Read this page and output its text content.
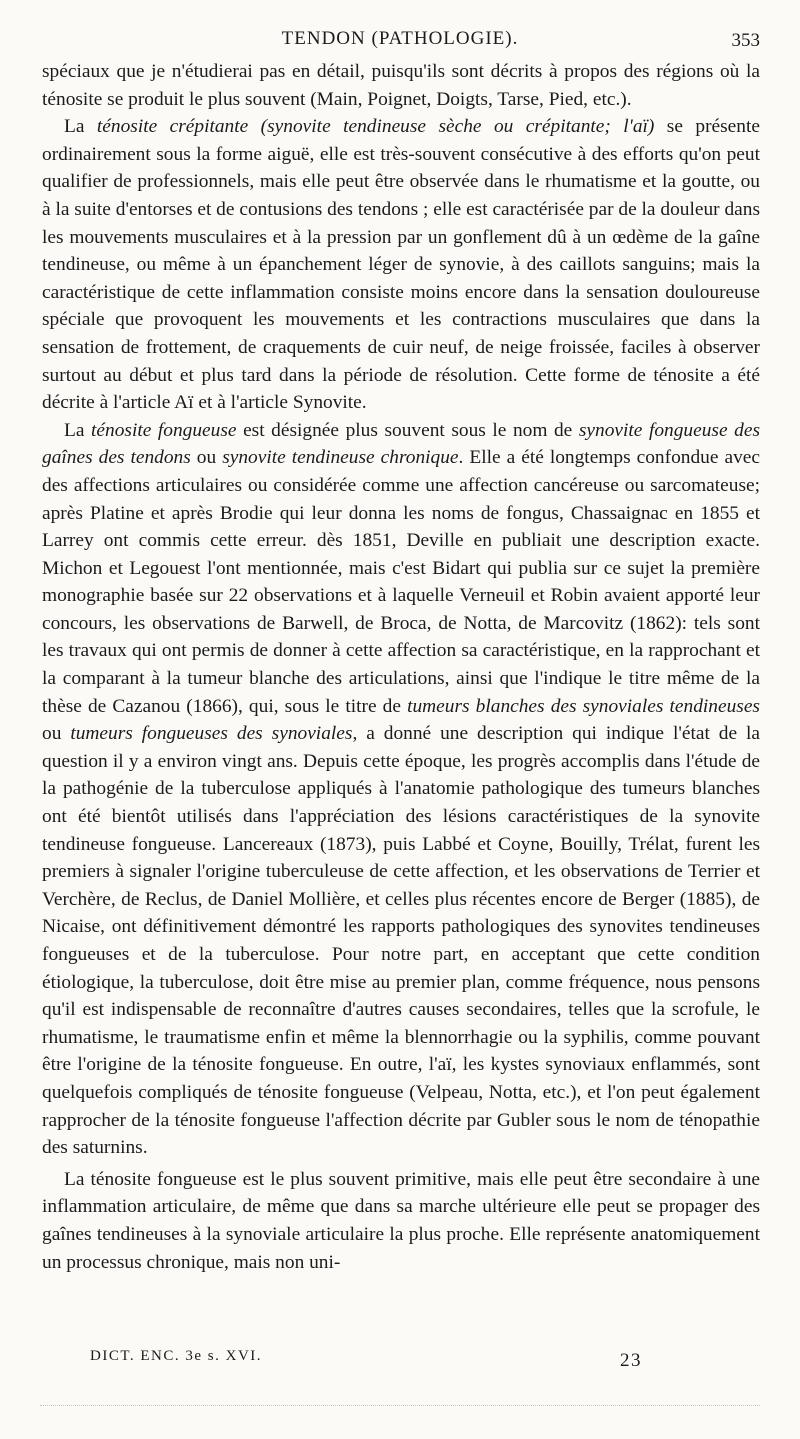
TENDON (PATHOLOGIE).	353

spéciaux que je n'étudierai pas en détail, puisqu'ils sont décrits à propos des régions où la ténosite se produit le plus souvent (Main, Poignet, Doigts, Tarse, Pied, etc.).

La ténosite crépitante (synovite tendineuse sèche ou crépitante; l'aï) se présente ordinairement sous la forme aiguë, elle est très-souvent consécutive à des efforts qu'on peut qualifier de professionnels, mais elle peut être observée dans le rhumatisme et la goutte, ou à la suite d'entorses et de contusions des tendons ; elle est caractérisée par de la douleur dans les mouvements musculaires et à la pression par un gonflement dû à un œdème de la gaîne tendineuse, ou même à un épanchement léger de synovie, à des caillots sanguins; mais la caractéristique de cette inflammation consiste moins encore dans la sensation douloureuse spéciale que provoquent les mouvements et les contractions musculaires que dans la sensation de frottement, de craquements de cuir neuf, de neige froissée, faciles à observer surtout au début et plus tard dans la période de résolution. Cette forme de ténosite a été décrite à l'article Aï et à l'article Synovite.

La ténosite fongueuse est désignée plus souvent sous le nom de synovite fongueuse des gaînes des tendons ou synovite tendineuse chronique. Elle a été longtemps confondue avec des affections articulaires ou considérée comme une affection cancéreuse ou sarcomateuse; après Platine et après Brodie qui leur donna les noms de fongus, Chassaignac en 1855 et Larrey ont commis cette erreur. dès 1851, Deville en publiait une description exacte. Michon et Legouest l'ont mentionnée, mais c'est Bidart qui publia sur ce sujet la première monographie basée sur 22 observations et à laquelle Verneuil et Robin avaient apporté leur concours, les observations de Barwell, de Broca, de Notta, de Marcovitz (1862): tels sont les travaux qui ont permis de donner à cette affection sa caractéristique, en la rapprochant et la comparant à la tumeur blanche des articulations, ainsi que l'indique le titre même de la thèse de Cazanou (1866), qui, sous le titre de tumeurs blanches des synoviales tendineuses ou tumeurs fongueuses des synoviales, a donné une description qui indique l'état de la question il y a environ vingt ans. Depuis cette époque, les progrès accomplis dans l'étude de la pathogénie de la tuberculose appliqués à l'anatomie pathologique des tumeurs blanches ont été bientôt utilisés dans l'appréciation des lésions caractéristiques de la synovite tendineuse fongueuse. Lancereaux (1873), puis Labbé et Coyne, Bouilly, Trélat, furent les premiers à signaler l'origine tuberculeuse de cette affection, et les observations de Terrier et Verchère, de Reclus, de Daniel Mollière, et celles plus récentes encore de Berger (1885), de Nicaise, ont définitivement démontré les rapports pathologiques des synovites tendineuses fongueuses et de la tuberculose. Pour notre part, en acceptant que cette condition étiologique, la tuberculose, doit être mise au premier plan, comme fréquence, nous pensons qu'il est indispensable de reconnaître d'autres causes secondaires, telles que la scrofule, le rhumatisme, le traumatisme enfin et même la blennorrhagie ou la syphilis, comme pouvant être l'origine de la ténosite fongueuse. En outre, l'aï, les kystes synoviaux enflammés, sont quelquefois compliqués de ténosite fongueuse (Velpeau, Notta, etc.), et l'on peut également rapprocher de la ténosite fongueuse l'affection décrite par Gubler sous le nom de ténopathie des saturnins.

La ténosite fongueuse est le plus souvent primitive, mais elle peut être secondaire à une inflammation articulaire, de même que dans sa marche ultérieure elle peut se propager des gaînes tendineuses à la synoviale articulaire la plus proche. Elle représente anatomiquement un processus chronique, mais non uni-

DICT. ENC. 3e s. XVI.	23
